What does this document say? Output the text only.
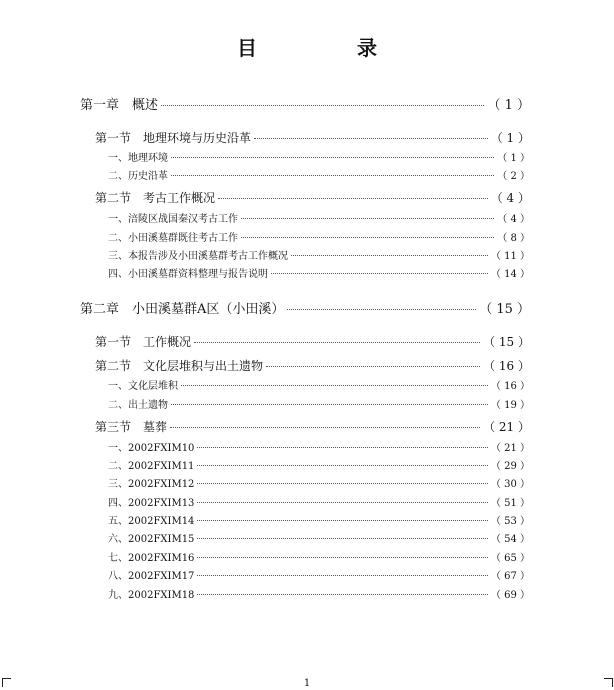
目　录
第一章　概述	（ 1 ）
第一节　地理环境与历史沿革	（ 1 ）
一、地理环境	（ 1 ）
二、历史沿革	（ 2 ）
第二节　考古工作概况	（ 4 ）
一、涪陵区战国秦汉考古工作	（ 4 ）
二、小田溪墓群既往考古工作	（ 8 ）
三、本报告涉及小田溪墓群考古工作概况	（ 11 ）
四、小田溪墓群资料整理与报告说明	（ 14 ）
第二章　小田溪墓群A区（小田溪）	（ 15 ）
第一节　工作概况	（ 15 ）
第二节　文化层堆积与出土遗物	（ 16 ）
一、文化层堆积	（ 16 ）
二、出土遗物	（ 19 ）
第三节　墓葬	（ 21 ）
一、2002FXⅠM10	（ 21 ）
二、2002FXⅠM11	（ 29 ）
三、2002FXⅠM12	（ 30 ）
四、2002FXⅠM13	（ 51 ）
五、2002FXⅠM14	（ 53 ）
六、2002FXⅠM15	（ 54 ）
七、2002FXⅠM16	（ 65 ）
八、2002FXⅠM17	（ 67 ）
九、2002FXⅠM18	（ 69 ）
1
